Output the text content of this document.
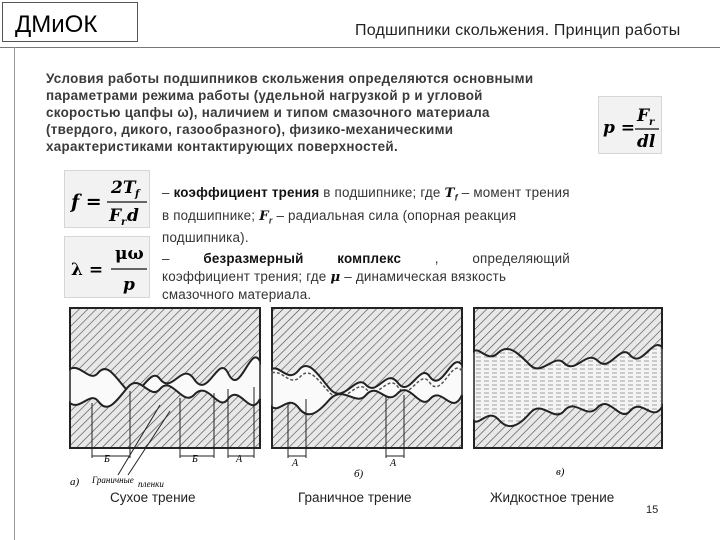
ДМиОК	Подшипники скольжения. Принцип работы
Условия работы подшипников скольжения определяются основными
параметрами режима работы (удельной нагрузкой p и угловой
скоростью цапфы ω), наличием и типом смазочного материала
(твердого, дикого, газообразного), физико-механическими
характеристиками контактирующих поверхностей.
p =
F r
dl
f =
2T f
F r d
λ =
μω
p
– коэффициент трения в подшипнике; где $T_f$ – момент трения
в подшипнике; $F_r$ – радиальная сила (опорная реакция
подшипника).
–	безразмерный	комплекс	,	определяющий
коэффициент трения; где μ – динамическая вязкость
смазочного материала.
Б	Б	А
а) Граничные пленки
А	А
б)	в)
Сухое трение	Граничное трение	Жидкостное трение
15
